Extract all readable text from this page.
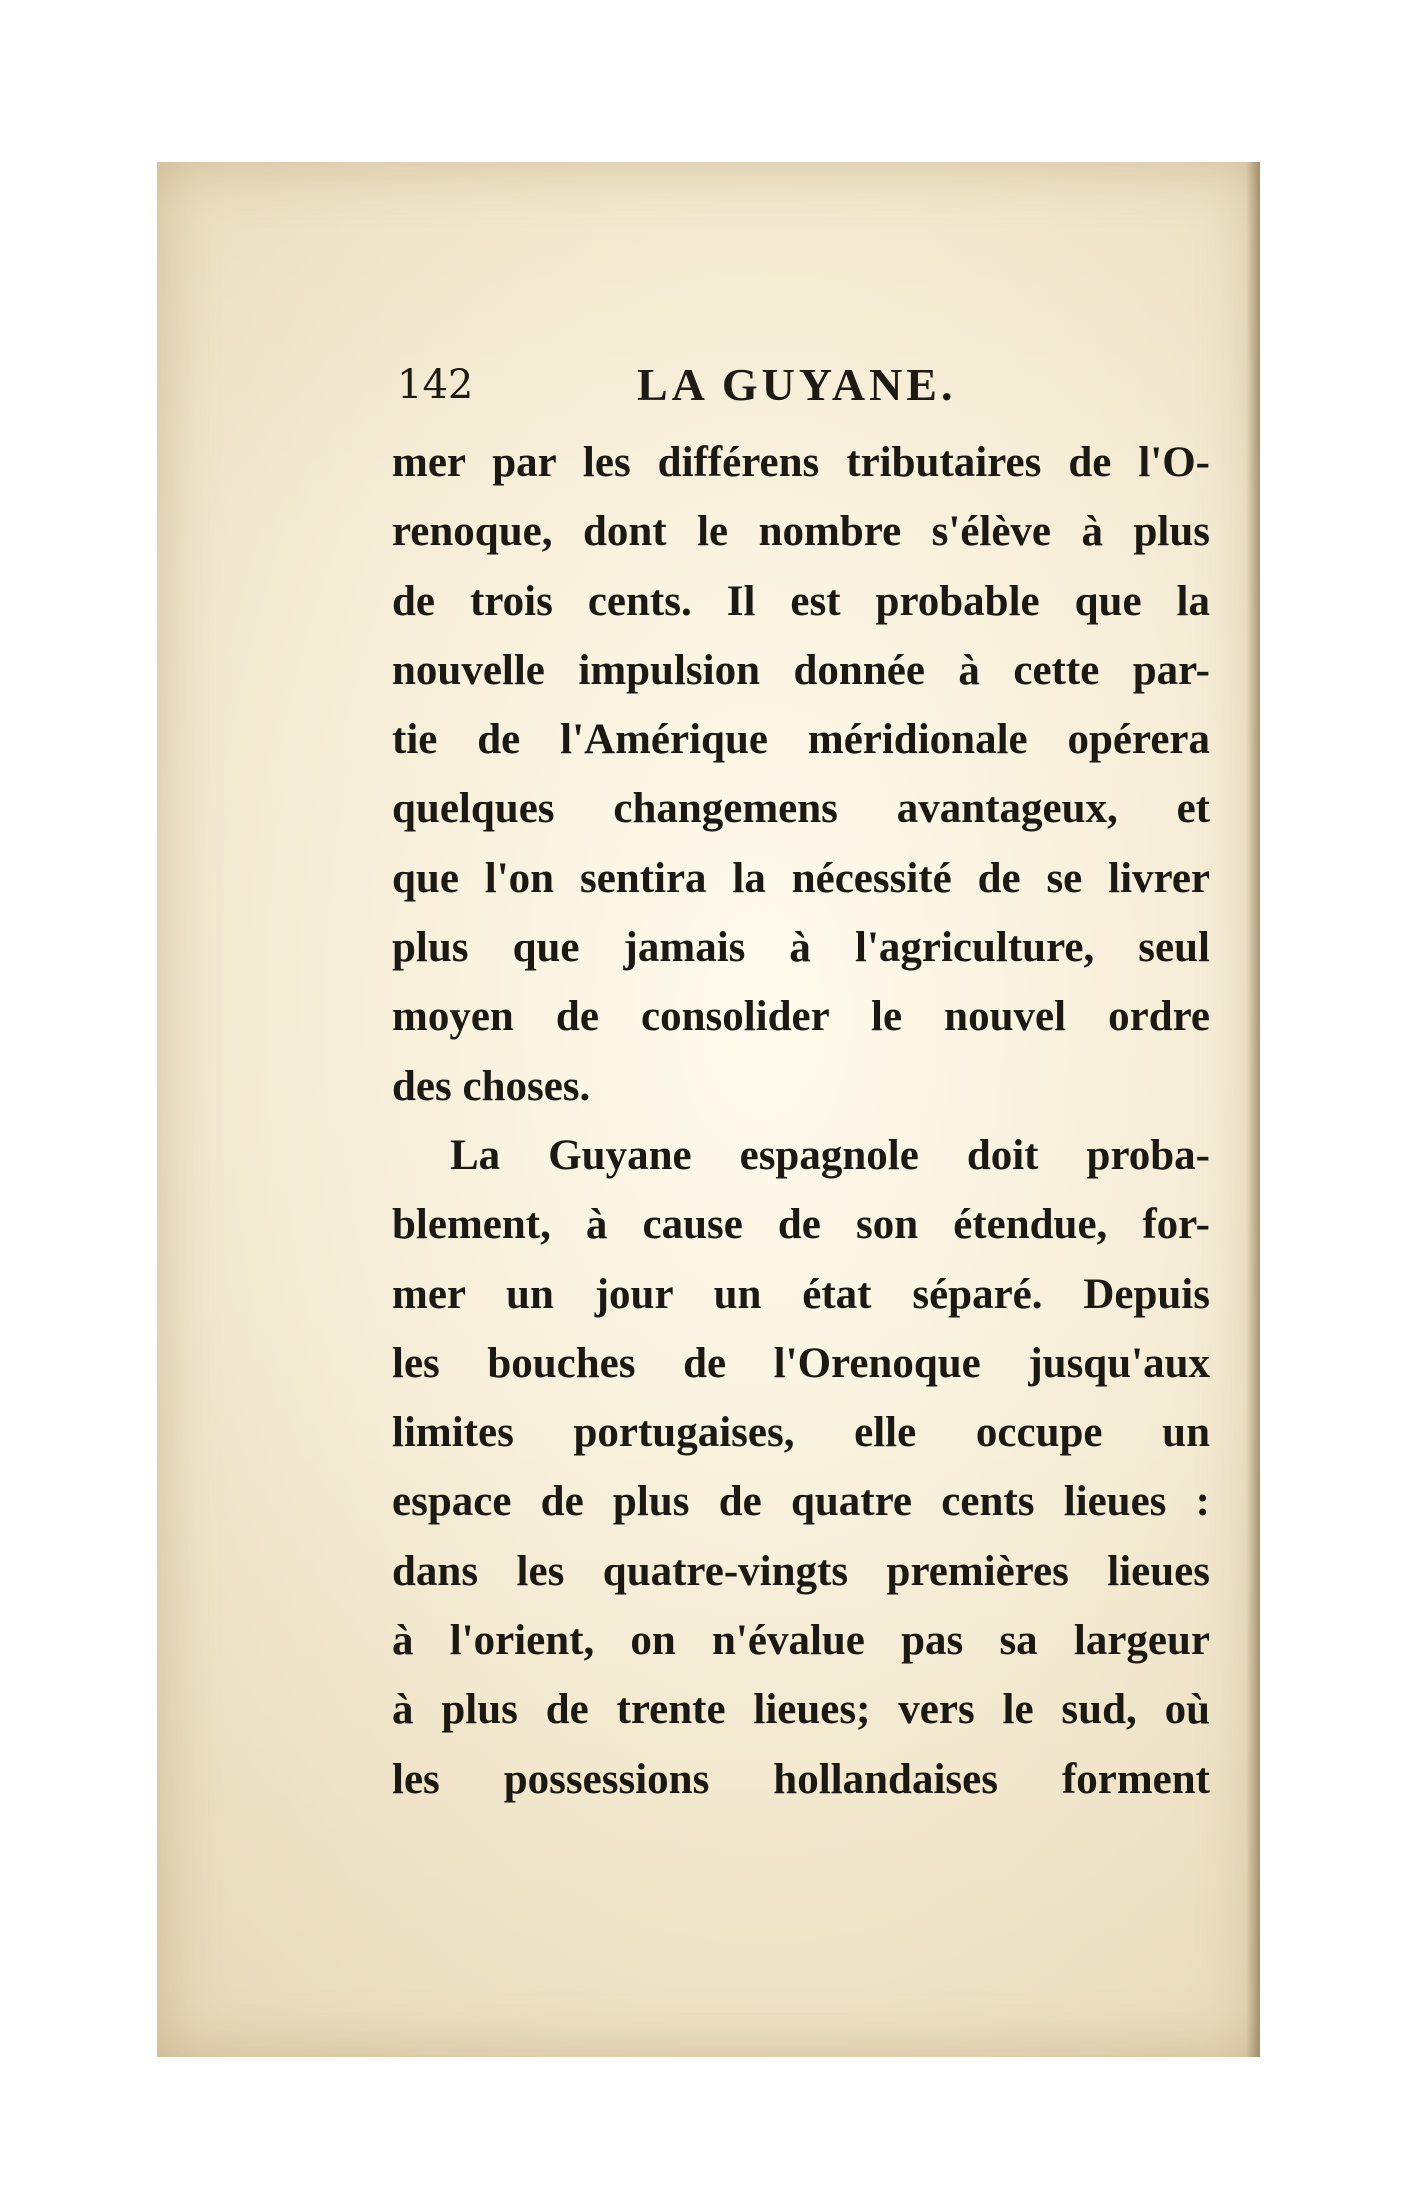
142	LA GUYANE.
mer par les différens tributaires de l'O-
renoque, dont le nombre s'élève à plus
de trois cents. Il est probable que la
nouvelle impulsion donnée à cette par-
tie de l'Amérique méridionale opérera
quelques changemens avantageux, et
que l'on sentira la nécessité de se livrer
plus que jamais à l'agriculture, seul
moyen de consolider le nouvel ordre
des choses.
La Guyane espagnole doit proba-
blement, à cause de son étendue, for-
mer un jour un état séparé. Depuis
les bouches de l'Orenoque jusqu'aux
limites portugaises, elle occupe un
espace de plus de quatre cents lieues :
dans les quatre-vingts premières lieues
à l'orient, on n'évalue pas sa largeur
à plus de trente lieues; vers le sud, où
les possessions hollandaises forment
